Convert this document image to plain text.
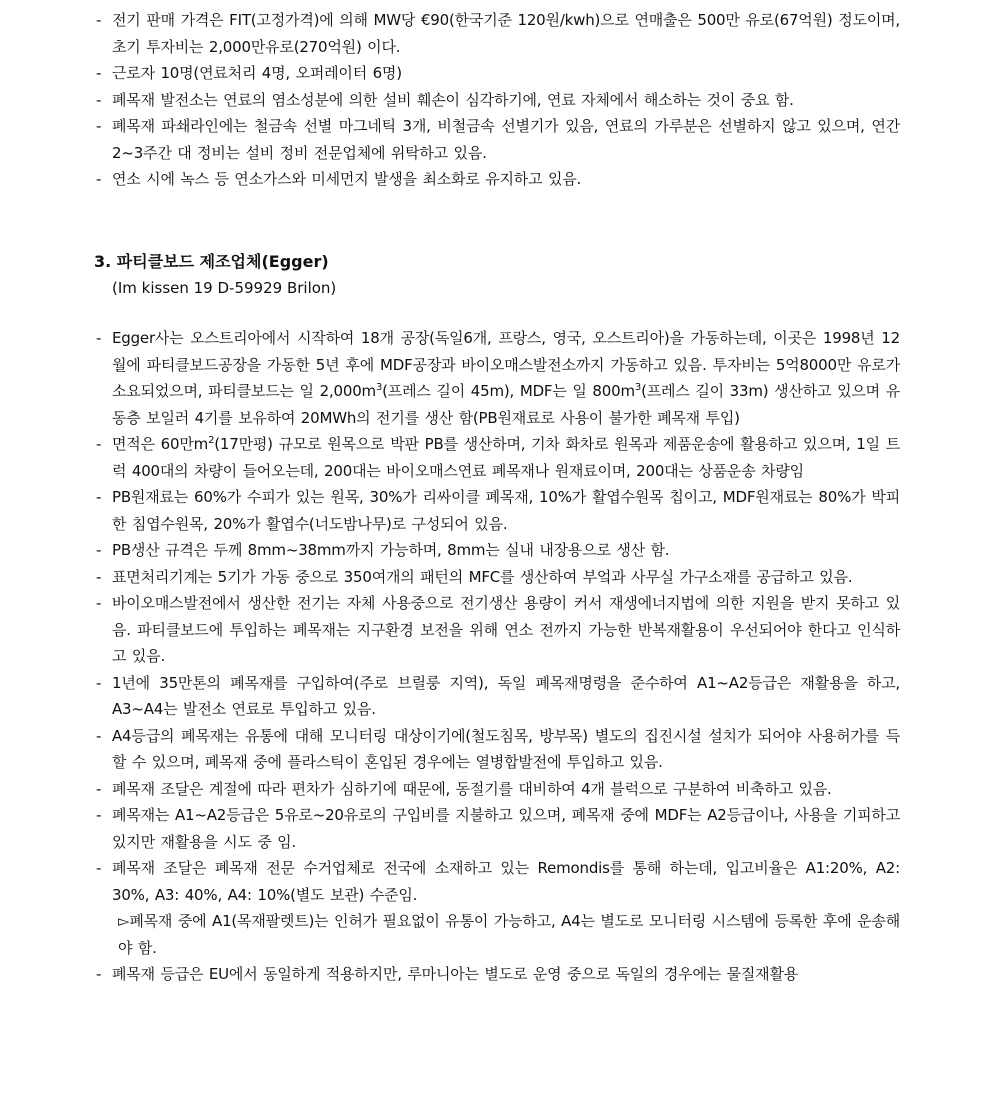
- 전기 판매 가격은 FIT(고정가격)에 의해 MW당 €90(한국기준 120원/kwh)으로 연매출은 500만 유로(67억원) 정도이며, 초기 투자비는 2,000만유로(270억원) 이다.
- 근로자 10명(연료처리 4명, 오퍼레이터 6명)
- 폐목재 발전소는 연료의 염소성분에 의한 설비 훼손이 심각하기에, 연료 자체에서 해소하는 것이 중요 함.
- 폐목재 파쇄라인에는 철금속 선별 마그네틱 3개, 비철금속 선별기가 있음, 연료의 가루분은 선별하지 않고 있으며, 연간 2~3주간 대 정비는 설비 정비 전문업체에 위탁하고 있음.
- 연소 시에 녹스 등 연소가스와 미세먼지 발생을 최소화로 유지하고 있음.
3. 파티클보드 제조업체(Egger)

(Im kissen 19 D-59929 Brilon)

- Egger사는 오스트리아에서 시작하여 18개 공장(독일6개, 프랑스, 영국, 오스트리아)을 가동하는데, 이곳은 1998년 12월에 파티클보드공장을 가동한 5년 후에 MDF공장과 바이오매스발전소까지 가동하고 있음. 투자비는 5억8000만 유로가 소요되었으며, 파티클보드는 일 $2,000m^3$(프레스 길이 45m), MDF는 일 $800m^3$(프레스 길이 33m) 생산하고 있으며 유동층 보일러 4기를 보유하여 20MWh의 전기를 생산 함(PB원재료로 사용이 불가한 폐목재 투입)
- 면적은 60만$m^2(17$만평) 규모로 원목으로 박판 PB를 생산하며, 기차 화차로 원목과 제품운송에 활용하고 있으며, 1일 트럭 400대의 차량이 들어오는데, 200대는 바이오매스연료 폐목재나 원재료이며, 200대는 상품운송 차량임
- PB원재료는 60%가 수피가 있는 원목, 30%가 리싸이클 폐목재, 10%가 활엽수원목 칩이고, MDF원재료는 80%가 박피한 침엽수원목, 20%가 활엽수(너도밤나무)로 구성되어 있음.
- PB생산 규격은 두께 8mm~38mm까지 가능하며, 8mm는 실내 내장용으로 생산 함.
- 표면처리기계는 5기가 가동 중으로 350여개의 패턴의 MFC를 생산하여 부엌과 사무실 가구소재를 공급하고 있음.
- 바이오매스발전에서 생산한 전기는 자체 사용중으로 전기생산 용량이 커서 재생에너지법에 의한 지원을 받지 못하고 있음. 파티클보드에 투입하는 폐목재는 지구환경 보전을 위해 연소 전까지 가능한 반복재활용이 우선되어야 한다고 인식하고 있음.
- 1년에 35만톤의 폐목재를 구입하여(주로 브릴룽 지역), 독일 폐목재명령을 준수하여 A1~A2등급은 재활용을 하고, A3~A4는 발전소 연료로 투입하고 있음.
- A4등급의 폐목재는 유통에 대해 모니터링 대상이기에(철도침목, 방부목) 별도의 집진시설 설치가 되어야 사용허가를 득할 수 있으며, 폐목재 중에 플라스틱이 혼입된 경우에는 열병합발전에 투입하고 있음.
- 폐목재 조달은 계절에 따라 편차가 심하기에 때문에, 동절기를 대비하여 4개 블럭으로 구분하여 비축하고 있음.
- 폐목재는 A1~A2등급은 5유로~20유로의 구입비를 지불하고 있으며, 폐목재 중에 MDF는 A2등급이나, 사용을 기피하고 있지만 재활용을 시도 중 임.
- 폐목재 조달은 폐목재 전문 수거업체로 전국에 소재하고 있는 Remondis를 통해 하는데, 입고비율은 A1:20%, A2: 30%, A3: 40%, A4: 10%(별도 보관) 수준임.
▻폐목재 중에 A1(목재팔렛트)는 인허가 필요없이 유통이 가능하고, A4는 별도로 모니터링 시스템에 등록한 후에 운송해야 함.
- 폐목재 등급은 EU에서 동일하게 적용하지만, 루마니아는 별도로 운영 중으로 독일의 경우에는 물질재활용
